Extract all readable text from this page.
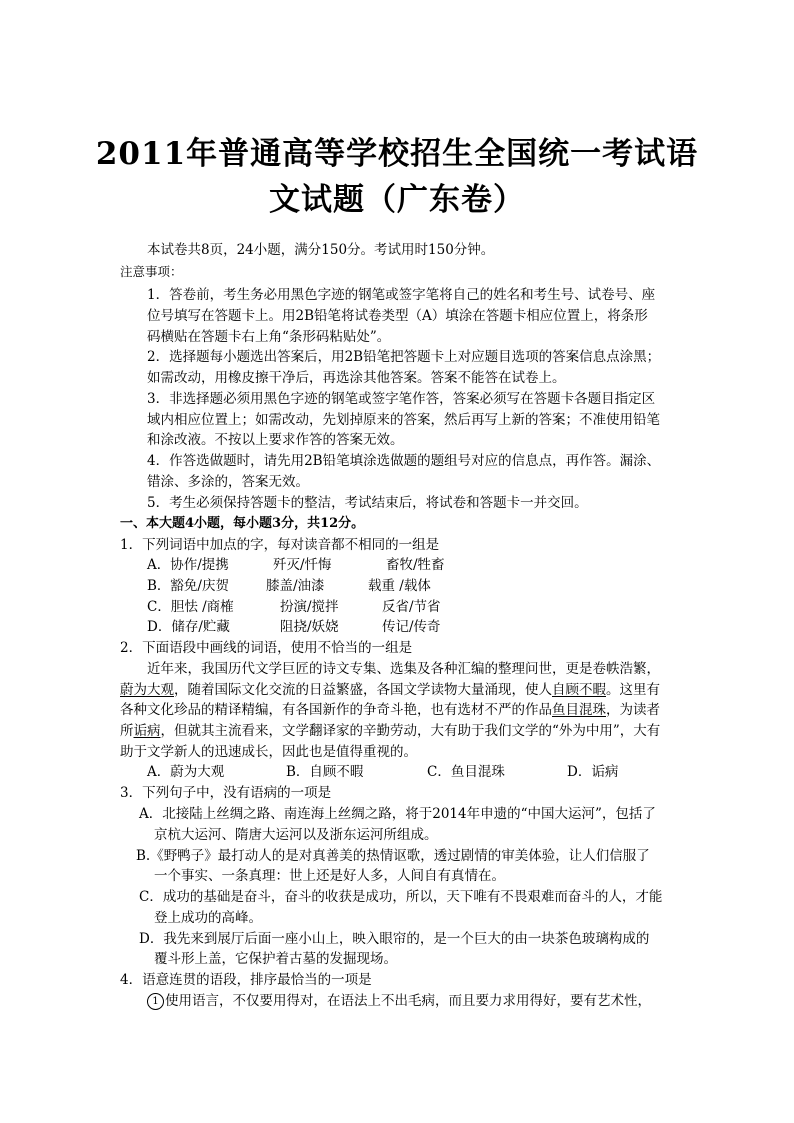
2011年普通高等学校招生全国统一考试语
文试题（广东卷）
本试卷共8页，24小题，满分150分。考试用时150分钟。
注意事项：
1．答卷前，考生务必用黑色字迹的钢笔或签字笔将自己的姓名和考生号、试卷号、座
位号填写在答题卡上。用2B铅笔将试卷类型（A）填涂在答题卡相应位置上，将条形
码横贴在答题卡右上角“条形码粘贴处”。
2．选择题每小题选出答案后，用2B铅笔把答题卡上对应题目选项的答案信息点涂黑；
如需改动，用橡皮擦干净后，再选涂其他答案。答案不能答在试卷上。
3．非选择题必须用黑色字迹的钢笔或签字笔作答，答案必须写在答题卡各题目指定区
域内相应位置上；如需改动，先划掉原来的答案，然后再写上新的答案；不准使用铅笔
和涂改液。不按以上要求作答的答案无效。
4．作答选做题时，请先用2B铅笔填涂选做题的题组号对应的信息点，再作答。漏涂、
错涂、多涂的，答案无效。
5．考生必须保持答题卡的整洁，考试结束后，将试卷和答题卡一并交回。
一、本大题4小题，每小题3分，共12分。
1．下列词语中加点的字，每对读音都不相同的一组是
A．协作/提携	歼灭/忏悔	畜牧/牲畜
B．豁免/庆贺	膝盖/油漆	载重 /载体
C．胆怯 /商榷	扮演/搅拌	反省/节省
D．储存/贮藏	阻挠/妖娆	传记/传奇
2．下面语段中画线的词语，使用不恰当的一组是
近年来，我国历代文学巨匠的诗文专集、选集及各种汇编的整理问世，更是卷帙浩繁，
蔚为大观，随着国际文化交流的日益繁盛，各国文学读物大量涌现，使人自顾不暇。这里有
各种文化珍品的精译精编，有各国新作的争奇斗艳，也有选材不严的作品鱼目混珠，为读者
所诟病，但就其主流看来，文学翻译家的辛勤劳动，大有助于我们文学的“外为中用”，大有
助于文学新人的迅速成长，因此也是值得重视的。
A．蔚为大观	B．自顾不暇	C．鱼目混珠	D．诟病
3．下列句子中，没有语病的一项是
A．北接陆上丝绸之路、南连海上丝绸之路，将于2014年申遗的“中国大运河”，包括了
京杭大运河、隋唐大运河以及浙东运河所组成。
B.《野鸭子》最打动人的是对真善美的热情讴歌，透过剧情的审美体验，让人们信服了
一个事实、一条真理：世上还是好人多，人间自有真情在。
C．成功的基础是奋斗，奋斗的收获是成功，所以，天下唯有不畏艰难而奋斗的人，才能
登上成功的高峰。
D．我先来到展厅后面一座小山上，映入眼帘的，是一个巨大的由一块茶色玻璃构成的
覆斗形上盖，它保护着古墓的发掘现场。
4．语意连贯的语段，排序最恰当的一项是
1 使用语言，不仅要用得对，在语法上不出毛病，而且要力求用得好，要有艺术性，
